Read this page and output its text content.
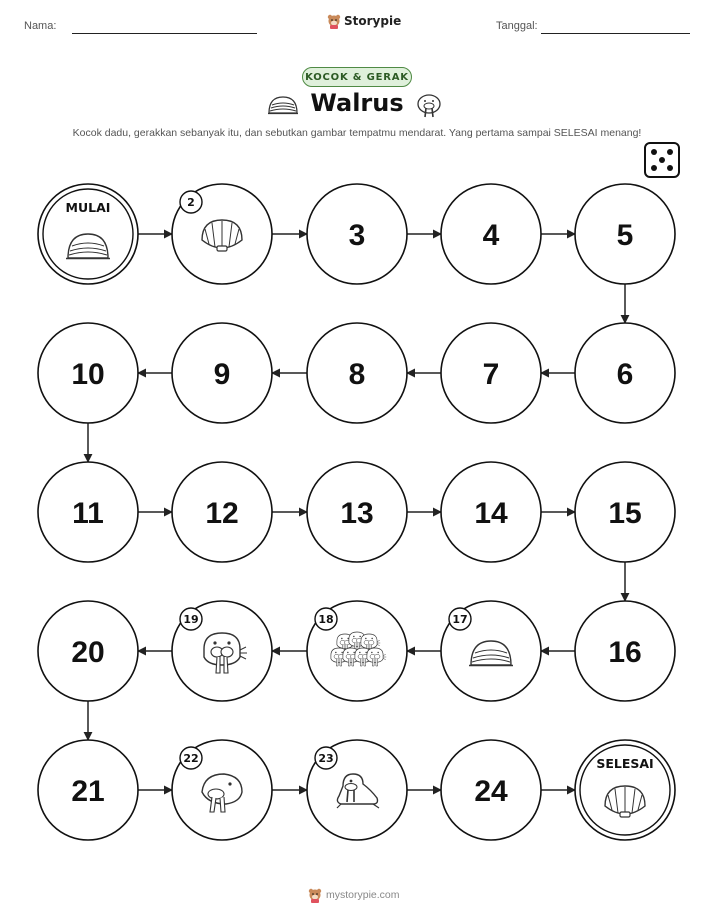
Nama:	Storypie	Tanggal:
KOCOK & GERAK
Walrus
Kocok dadu, gerakkan sebanyak itu, dan sebutkan gambar tempatmu mendarat. Yang pertama sampai SELESAI menang!
MULAI	2
3	4	5
6
7
8
9
10
11	12	13	14	15
16
17
18
19
20
21
22	23
24
SELESAI
mystorypie.com
